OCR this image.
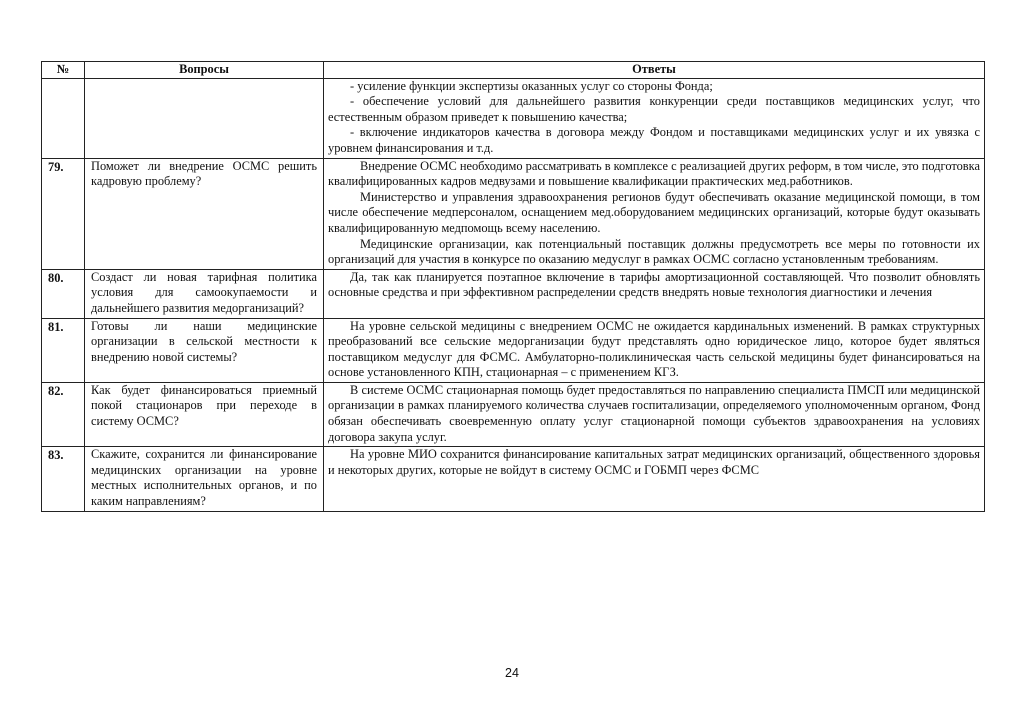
№	Вопросы	Ответы

		- усиление функции экспертизы оказанных услуг со стороны Фонда;

- обеспечение условий для дальнейшего развития конкуренции среди поставщиков медицинских услуг, что естественным образом приведет к повышению качества;

- включение индикаторов качества в договора между Фондом и поставщиками медицинских услуг и их увязка с уровнем финансирования и т.д.

79.	Поможет ли внедрение ОСМС решить кадровую проблему?	Внедрение ОСМС необходимо рассматривать в комплексе с реализацией других реформ, в том числе, это подготовка квалифицированных кадров медвузами и повышение квалификации практических мед.работников.

Министерство и управления здравоохранения регионов будут обеспечивать оказание медицинской помощи, в том числе обеспечение медперсоналом, оснащением мед.оборудованием медицинских организаций, которые будут оказывать квалифицированную медпомощь всему населению.

Медицинские организации, как потенциальный поставщик должны предусмотреть все меры по готовности их организаций для участия в конкурсе по оказанию медуслуг в рамках ОСМС согласно установленным требованиям.

80.	Создаст ли новая тарифная политика условия для самоокупаемости и дальнейшего развития медорганизаций?	Да, так как планируется поэтапное включение в тарифы амортизационной составляющей. Что позволит обновлять основные средства и при эффективном распределении средств внедрять новые технология диагностики и лечения

81.	Готовы ли наши медицинские организации в сельской местности к внедрению новой системы?	На уровне сельской медицины с внедрением ОСМС не ожидается кардинальных изменений. В рамках структурных преобразований все сельские медорганизации будут представлять одно юридическое лицо, которое будет являться поставщиком медуслуг для ФСМС. Амбулаторно-поликлиническая часть сельской медицины будет финансироваться на основе установленного КПН, стационарная – с применением КГЗ.

82.	Как будет финансироваться приемный покой стационаров при переходе в систему ОСМС?	В системе ОСМС стационарная помощь будет предоставляться по направлению специалиста ПМСП или медицинской организации в рамках планируемого количества случаев госпитализации, определяемого уполномоченным органом, Фонд обязан обеспечивать своевременную оплату услуг стационарной помощи субъектов здравоохранения на условиях договора закупа услуг.

83.	Скажите, сохранится ли финансирование медицинских организации на уровне местных исполнительных органов, и по каким направлениям?	На уровне МИО сохранится финансирование капитальных затрат медицинских организаций, общественного здоровья и некоторых других, которые не войдут в систему ОСМС и ГОБМП через ФСМС

24
